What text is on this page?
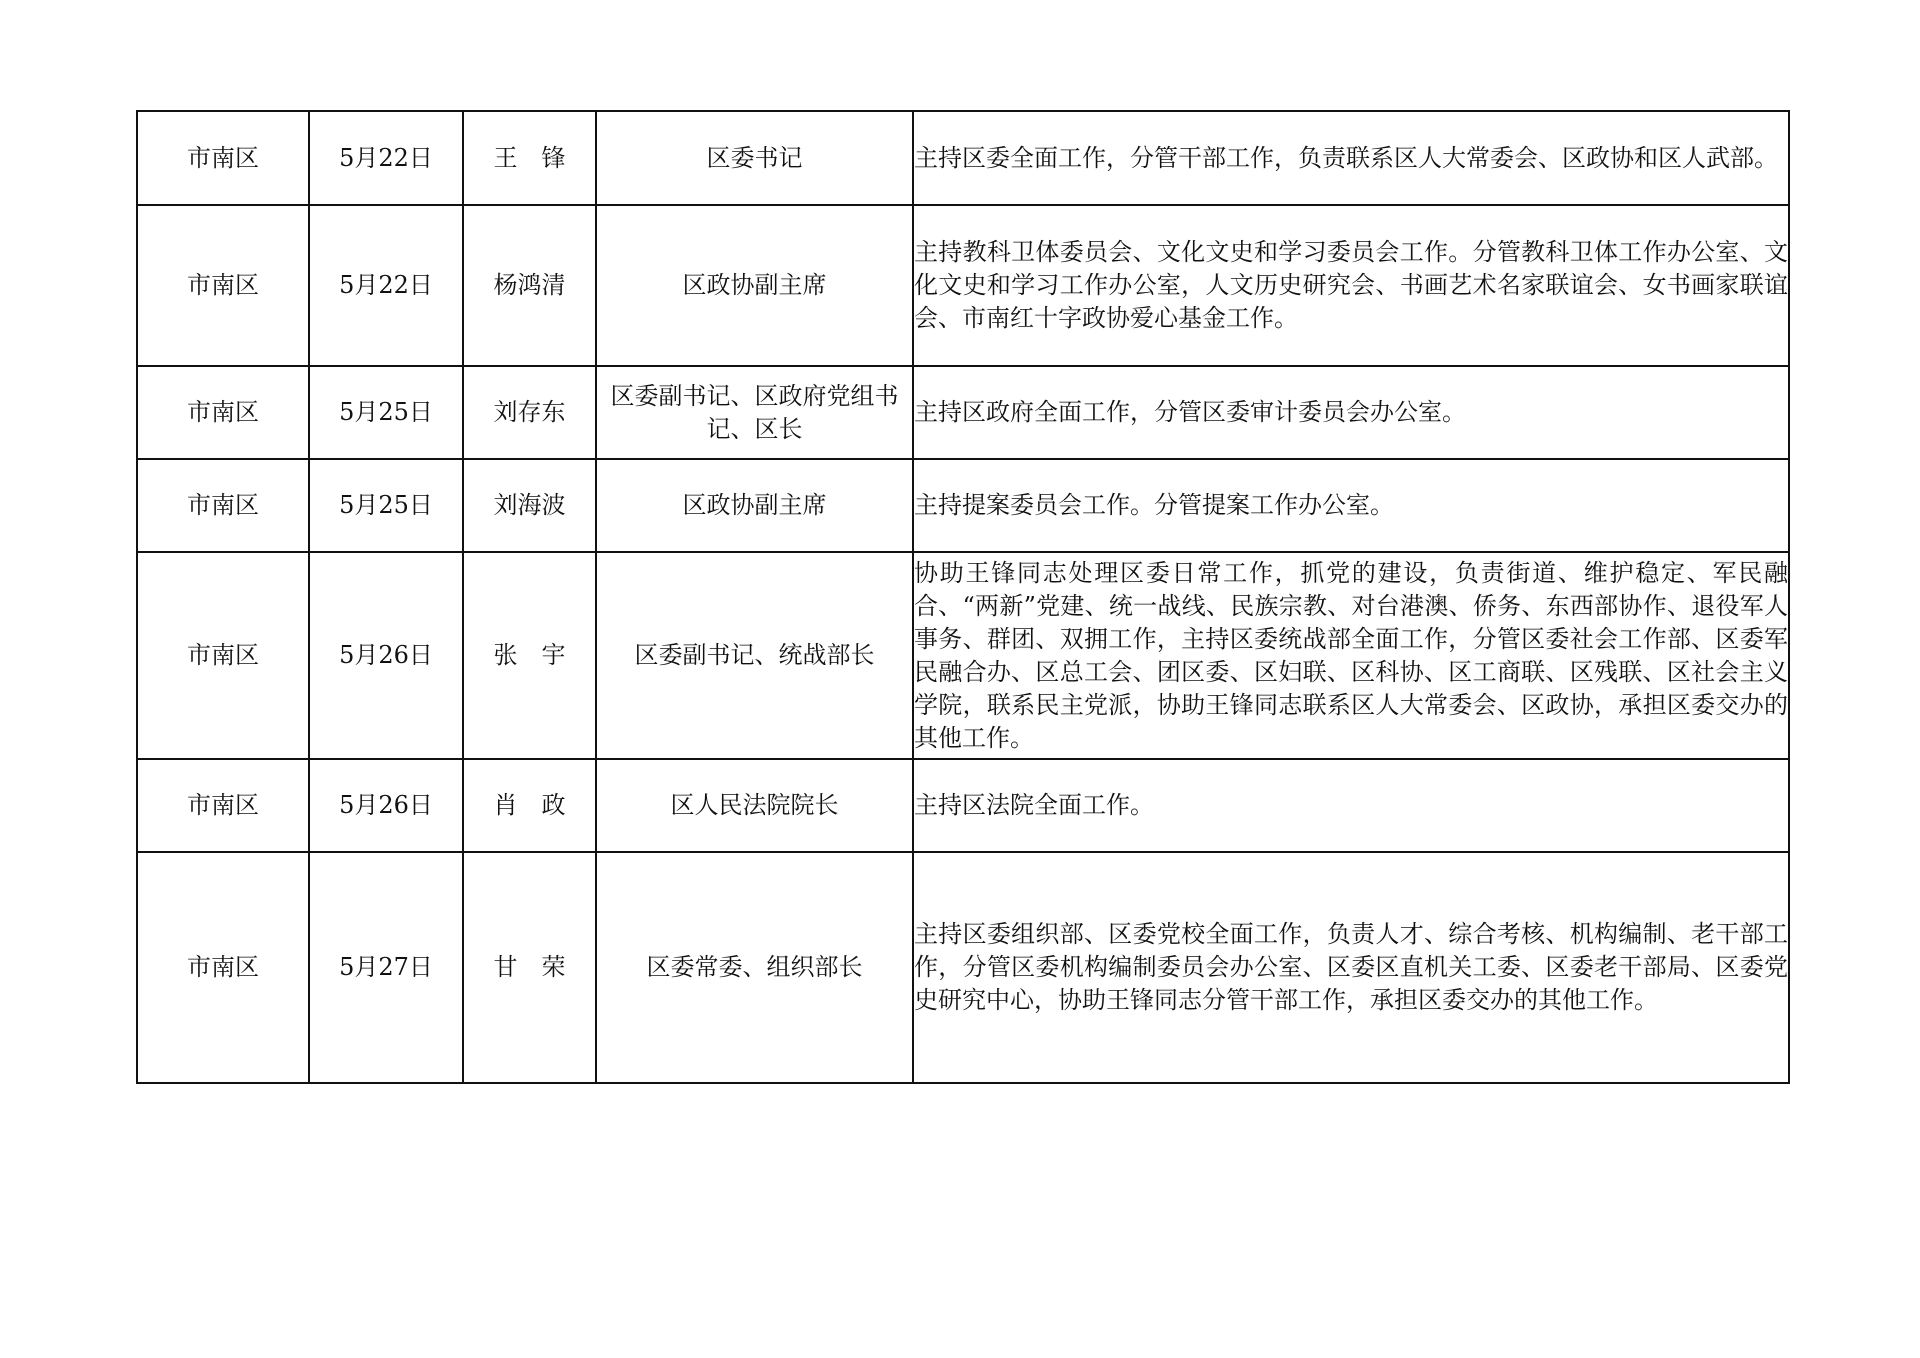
市南区	5月22日	王　锋	区委书记	主持区委全面工作，分管干部工作，负责联系区人大常委会、区政协和区人武部。
市南区	5月22日	杨鸿清	区政协副主席	主持教科卫体委员会、文化文史和学习委员会工作。分管教科卫体工作办公室、文化文史和学习工作办公室，人文历史研究会、书画艺术名家联谊会、女书画家联谊会、市南红十字政协爱心基金工作。
市南区	5月25日	刘存东	区委副书记、区政府党组书记、区长	主持区政府全面工作，分管区委审计委员会办公室。
市南区	5月25日	刘海波	区政协副主席	主持提案委员会工作。分管提案工作办公室。
市南区	5月26日	张　宇	区委副书记、统战部长	协助王锋同志处理区委日常工作，抓党的建设，负责街道、维护稳定、军民融合、“两新”党建、统一战线、民族宗教、对台港澳、侨务、东西部协作、退役军人事务、群团、双拥工作，主持区委统战部全面工作，分管区委社会工作部、区委军民融合办、区总工会、团区委、区妇联、区科协、区工商联、区残联、区社会主义学院，联系民主党派，协助王锋同志联系区人大常委会、区政协，承担区委交办的其他工作。
市南区	5月26日	肖　政	区人民法院院长	主持区法院全面工作。
市南区	5月27日	甘　荣	区委常委、组织部长	主持区委组织部、区委党校全面工作，负责人才、综合考核、机构编制、老干部工作，分管区委机构编制委员会办公室、区委区直机关工委、区委老干部局、区委党史研究中心，协助王锋同志分管干部工作，承担区委交办的其他工作。
